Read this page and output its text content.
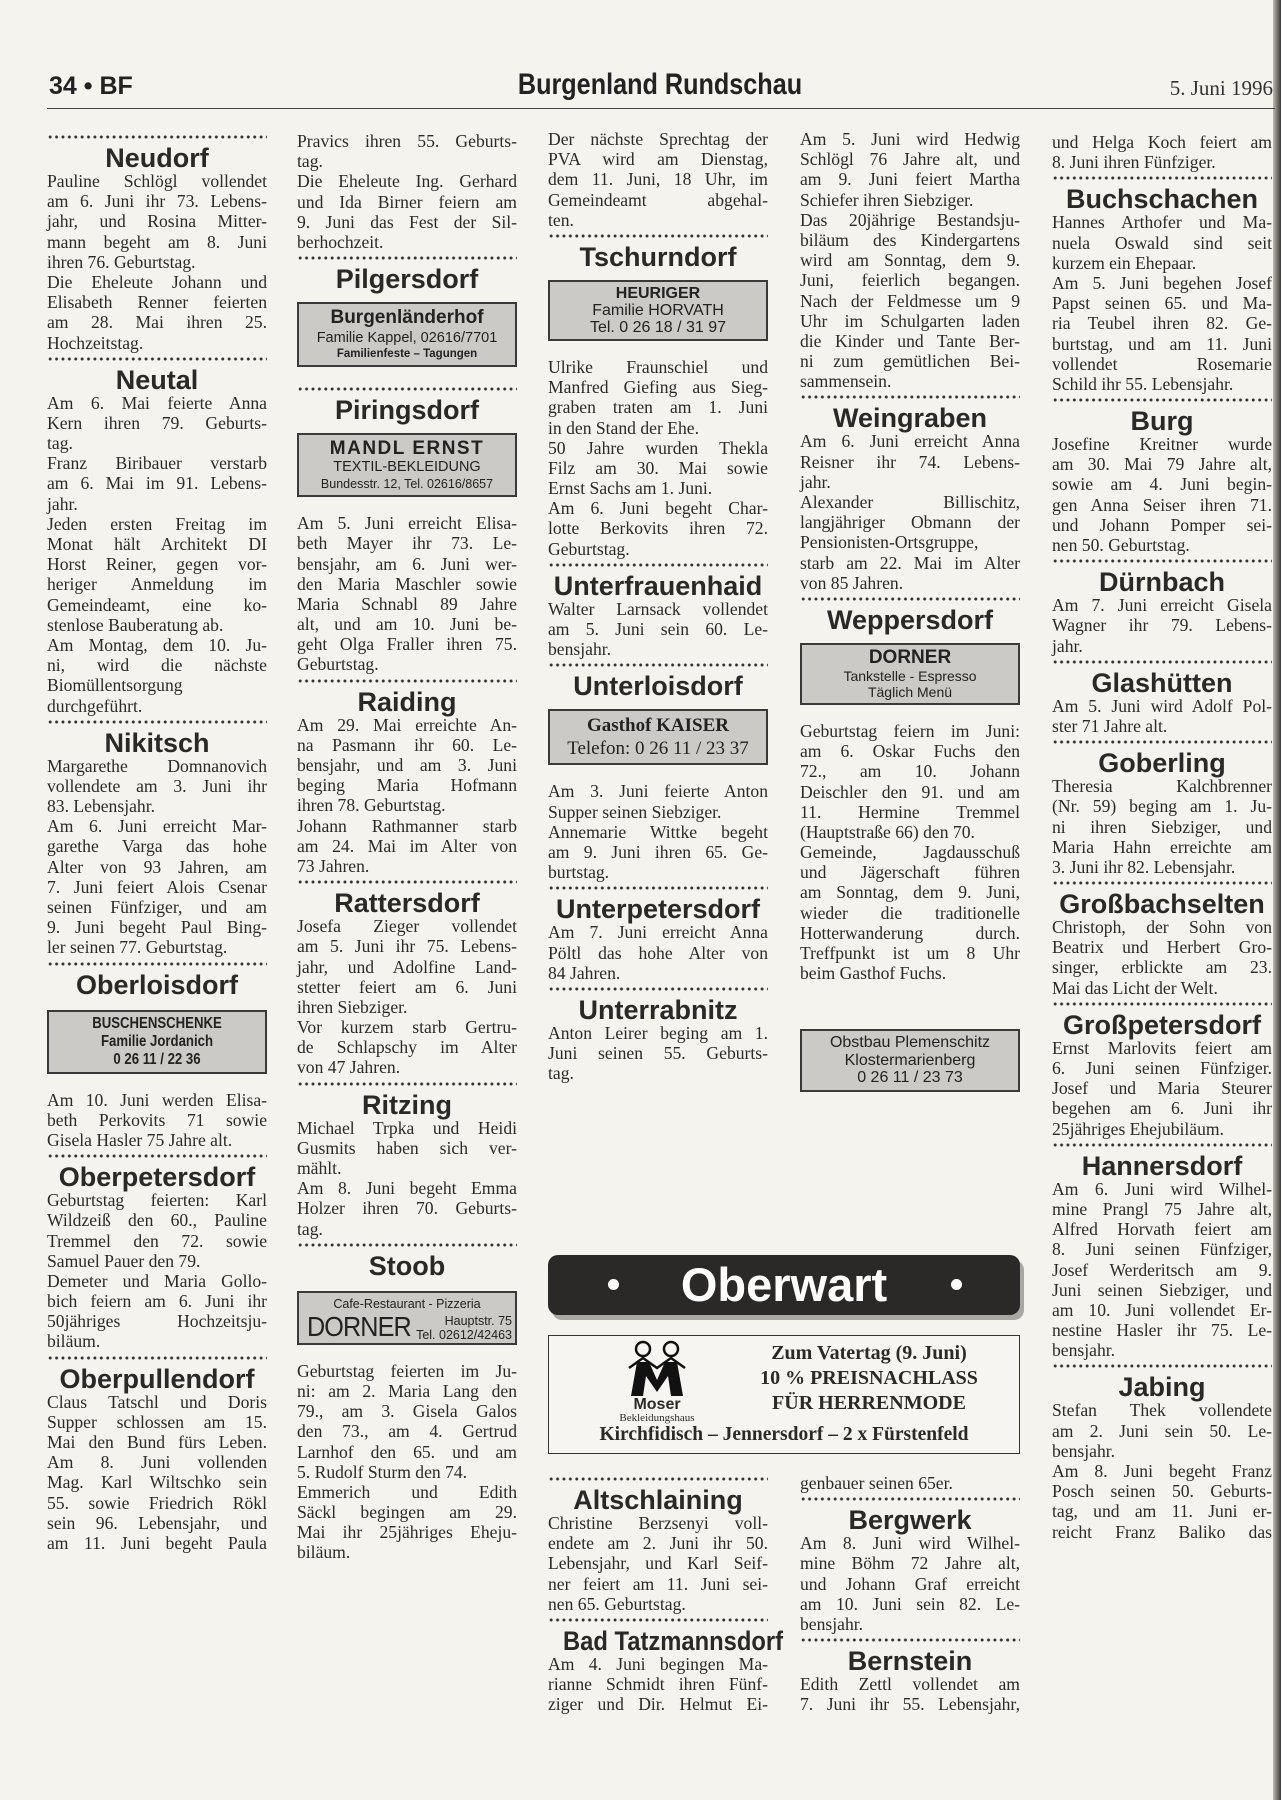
34 • BF	Burgenland Rundschau	5. Juni 1996
Neudorf
Pauline Schlögl vollendet
am 6. Juni ihr 73. Lebens-
jahr, und Rosina Mitter-
mann begeht am 8. Juni
ihren 76. Geburtstag.
Die Eheleute Johann und
Elisabeth Renner feierten
am 28. Mai ihren 25.
Hochzeitstag.
Neutal
Am 6. Mai feierte Anna
Kern ihren 79. Geburts-
tag.
Franz Biribauer verstarb
am 6. Mai im 91. Lebens-
jahr.
Jeden ersten Freitag im
Monat hält Architekt DI
Horst Reiner, gegen vor-
heriger Anmeldung im
Gemeindeamt, eine ko-
stenlose Bauberatung ab.
Am Montag, dem 10. Ju-
ni, wird die nächste
Biomüllentsorgung
durchgeführt.
Nikitsch
Margarethe Domnanovich
vollendete am 3. Juni ihr
83. Lebensjahr.
Am 6. Juni erreicht Mar-
garethe Varga das hohe
Alter von 93 Jahren, am
7. Juni feiert Alois Csenar
seinen Fünfziger, und am
9. Juni begeht Paul Bing-
ler seinen 77. Geburtstag.
Oberloisdorf
BUSCHENSCHENKE
Familie Jordanich
0 26 11 / 22 36
Am 10. Juni werden Elisa-
beth Perkovits 71 sowie
Gisela Hasler 75 Jahre alt.
Oberpetersdorf
Geburtstag feierten: Karl
Wildzeiß den 60., Pauline
Tremmel den 72. sowie
Samuel Pauer den 79.
Demeter und Maria Gollo-
bich feiern am 6. Juni ihr
50jähriges Hochzeitsju-
biläum.
Oberpullendorf
Claus Tatschl und Doris
Supper schlossen am 15.
Mai den Bund fürs Leben.
Am 8. Juni vollenden
Mag. Karl Wiltschko sein
55. sowie Friedrich Rökl
sein 96. Lebensjahr, und
am 11. Juni begeht Paula
Pravics ihren 55. Geburts-
tag.
Die Eheleute Ing. Gerhard
und Ida Birner feiern am
9. Juni das Fest der Sil-
berhochzeit.
Pilgersdorf
Burgenländerhof
Familie Kappel, 02616/7701
Familienfeste – Tagungen
Piringsdorf
MANDL ERNST
TEXTIL-BEKLEIDUNG
Bundesstr. 12, Tel. 02616/8657
Am 5. Juni erreicht Elisa-
beth Mayer ihr 73. Le-
bensjahr, am 6. Juni wer-
den Maria Maschler sowie
Maria Schnabl 89 Jahre
alt, und am 10. Juni be-
geht Olga Fraller ihren 75.
Geburtstag.
Raiding
Am 29. Mai erreichte An-
na Pasmann ihr 60. Le-
bensjahr, und am 3. Juni
beging Maria Hofmann
ihren 78. Geburtstag.
Johann Rathmanner starb
am 24. Mai im Alter von
73 Jahren.
Rattersdorf
Josefa Zieger vollendet
am 5. Juni ihr 75. Lebens-
jahr, und Adolfine Land-
stetter feiert am 6. Juni
ihren Siebziger.
Vor kurzem starb Gertru-
de Schlapschy im Alter
von 47 Jahren.
Ritzing
Michael Trpka und Heidi
Gusmits haben sich ver-
mählt.
Am 8. Juni begeht Emma
Holzer ihren 70. Geburts-
tag.
Stoob
Cafe-Restaurant - Pizzeria
DORNER	Hauptstr. 75
Tel. 02612/42463
Geburtstag feierten im Ju-
ni: am 2. Maria Lang den
79., am 3. Gisela Galos
den 73., am 4. Gertrud
Larnhof den 65. und am
5. Rudolf Sturm den 74.
Emmerich und Edith
Säckl begingen am 29.
Mai ihr 25jähriges Eheju-
biläum.
Der nächste Sprechtag der
PVA wird am Dienstag,
dem 11. Juni, 18 Uhr, im
Gemeindeamt abgehal-
ten.
Tschurndorf
HEURIGER
Familie HORVATH
Tel. 0 26 18 / 31 97
Ulrike Fraunschiel und
Manfred Giefing aus Sieg-
graben traten am 1. Juni
in den Stand der Ehe.
50 Jahre wurden Thekla
Filz am 30. Mai sowie
Ernst Sachs am 1. Juni.
Am 6. Juni begeht Char-
lotte Berkovits ihren 72.
Geburtstag.
Unterfrauenhaid
Walter Larnsack vollendet
am 5. Juni sein 60. Le-
bensjahr.
Unterloisdorf
Gasthof KAISER
Telefon: 0 26 11 / 23 37
Am 3. Juni feierte Anton
Supper seinen Siebziger.
Annemarie Wittke begeht
am 9. Juni ihren 65. Ge-
burtstag.
Unterpetersdorf
Am 7. Juni erreicht Anna
Pöltl das hohe Alter von
84 Jahren.
Unterrabnitz
Anton Leirer beging am 1.
Juni seinen 55. Geburts-
tag.
Am 5. Juni wird Hedwig
Schlögl 76 Jahre alt, und
am 9. Juni feiert Martha
Schiefer ihren Siebziger.
Das 20jährige Bestandsju-
biläum des Kindergartens
wird am Sonntag, dem 9.
Juni, feierlich begangen.
Nach der Feldmesse um 9
Uhr im Schulgarten laden
die Kinder und Tante Ber-
ni zum gemütlichen Bei-
sammensein.
Weingraben
Am 6. Juni erreicht Anna
Reisner ihr 74. Lebens-
jahr.
Alexander Billischitz,
langjähriger Obmann der
Pensionisten-Ortsgruppe,
starb am 22. Mai im Alter
von 85 Jahren.
Weppersdorf
DORNER
Tankstelle - Espresso
Täglich Menü
Geburtstag feiern im Juni:
am 6. Oskar Fuchs den
72., am 10. Johann
Deischler den 91. und am
11. Hermine Tremmel
(Hauptstraße 66) den 70.
Gemeinde, Jagdausschuß
und Jägerschaft führen
am Sonntag, dem 9. Juni,
wieder die traditionelle
Hotterwanderung durch.
Treffpunkt ist um 8 Uhr
beim Gasthof Fuchs.
Obstbau Plemenschitz
Klostermarienberg
0 26 11 / 23 73
und Helga Koch feiert am
8. Juni ihren Fünfziger.
Buchschachen
Hannes Arthofer und Ma-
nuela Oswald sind seit
kurzem ein Ehepaar.
Am 5. Juni begehen Josef
Papst seinen 65. und Ma-
ria Teubel ihren 82. Ge-
burtstag, und am 11. Juni
vollendet Rosemarie
Schild ihr 55. Lebensjahr.
Burg
Josefine Kreitner wurde
am 30. Mai 79 Jahre alt,
sowie am 4. Juni begin-
gen Anna Seiser ihren 71.
und Johann Pomper sei-
nen 50. Geburtstag.
Dürnbach
Am 7. Juni erreicht Gisela
Wagner ihr 79. Lebens-
jahr.
Glashütten
Am 5. Juni wird Adolf Pol-
ster 71 Jahre alt.
Goberling
Theresia Kalchbrenner
(Nr. 59) beging am 1. Ju-
ni ihren Siebziger, und
Maria Hahn erreichte am
3. Juni ihr 82. Lebensjahr.
Großbachselten
Christoph, der Sohn von
Beatrix und Herbert Gro-
singer, erblickte am 23.
Mai das Licht der Welt.
Großpetersdorf
Ernst Marlovits feiert am
6. Juni seinen Fünfziger.
Josef und Maria Steurer
begehen am 6. Juni ihr
25jähriges Ehejubiläum.
Hannersdorf
Am 6. Juni wird Wilhel-
mine Prangl 75 Jahre alt,
Alfred Horvath feiert am
8. Juni seinen Fünfziger,
Josef Werderitsch am 9.
Juni seinen Siebziger, und
am 10. Juni vollendet Er-
nestine Hasler ihr 75. Le-
bensjahr.
Jabing
Stefan Thek vollendete
am 2. Juni sein 50. Le-
bensjahr.
Am 8. Juni begeht Franz
Posch seinen 50. Geburts-
tag, und am 11. Juni er-
reicht Franz Baliko das
Altschlaining
Christine Berzsenyi voll-
endete am 2. Juni ihr 50.
Lebensjahr, und Karl Seif-
ner feiert am 11. Juni sei-
nen 65. Geburtstag.
Bad Tatzmannsdorf
Am 4. Juni begingen Ma-
rianne Schmidt ihren Fünf-
ziger und Dir. Helmut Ei-
genbauer seinen 65er.
Bergwerk
Am 8. Juni wird Wilhel-
mine Böhm 72 Jahre alt,
und Johann Graf erreicht
am 10. Juni sein 82. Le-
bensjahr.
Bernstein
Edith Zettl vollendet am
7. Juni ihr 55. Lebensjahr,
Oberwart
Moser
Bekleidungshaus
Zum Vatertag (9. Juni)
10 % PREISNACHLASS
FÜR HERRENMODE
Kirchfidisch – Jennersdorf – 2 x Fürstenfeld
